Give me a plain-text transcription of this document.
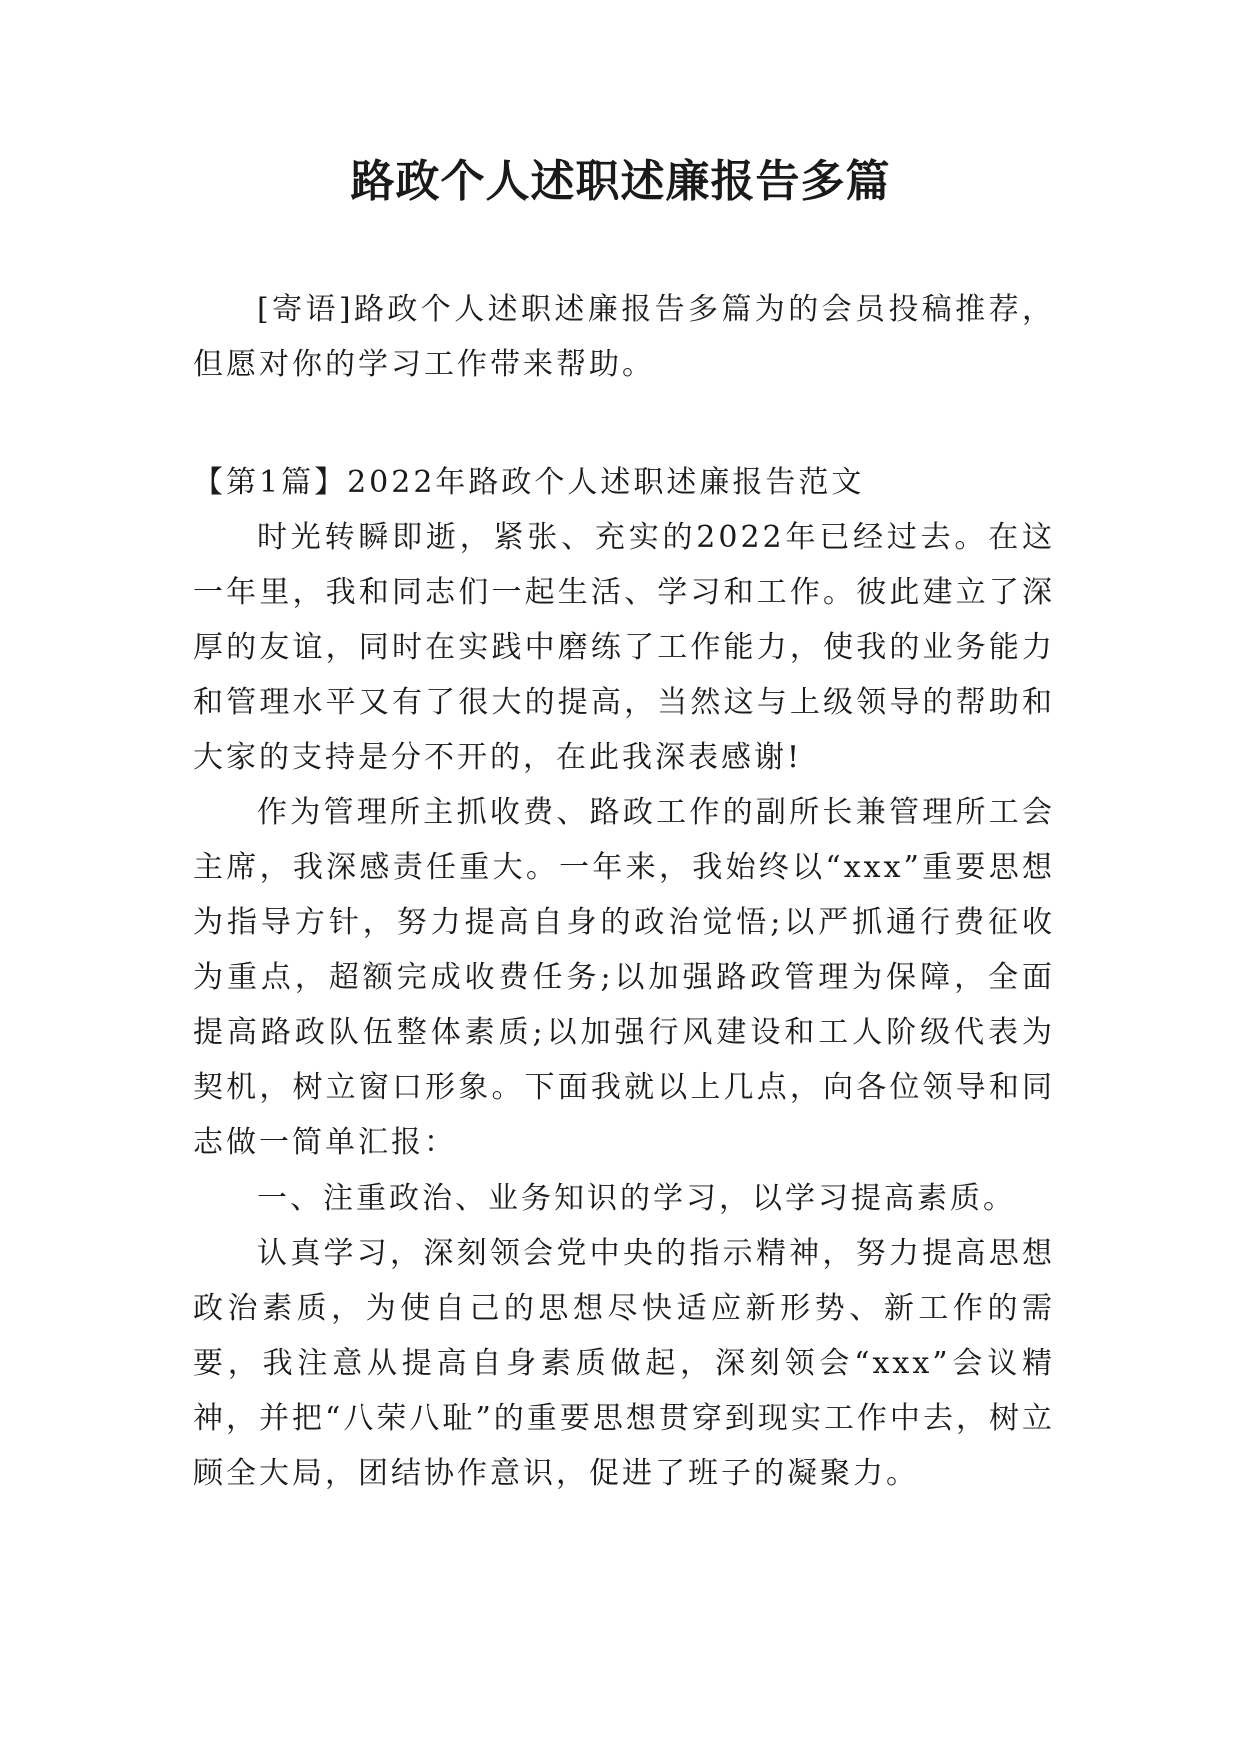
路政个人述职述廉报告多篇

[寄语]路政个人述职述廉报告多篇为的会员投稿推荐，但愿对你的学习工作带来帮助。

【第1篇】2022年路政个人述职述廉报告范文

时光转瞬即逝，紧张、充实的2022年已经过去。在这一年里，我和同志们一起生活、学习和工作。彼此建立了深厚的友谊，同时在实践中磨练了工作能力，使我的业务能力和管理水平又有了很大的提高，当然这与上级领导的帮助和大家的支持是分不开的，在此我深表感谢!

作为管理所主抓收费、路政工作的副所长兼管理所工会主席，我深感责任重大。一年来，我始终以“xxx”重要思想为指导方针，努力提高自身的政治觉悟;以严抓通行费征收为重点，超额完成收费任务;以加强路政管理为保障，全面提高路政队伍整体素质;以加强行风建设和工人阶级代表为契机，树立窗口形象。下面我就以上几点，向各位领导和同志做一简单汇报：

一、注重政治、业务知识的学习，以学习提高素质。

认真学习，深刻领会党中央的指示精神，努力提高思想政治素质，为使自己的思想尽快适应新形势、新工作的需要，我注意从提高自身素质做起，深刻领会“xxx”会议精神，并把“八荣八耻”的重要思想贯穿到现实工作中去，树立顾全大局，团结协作意识，促进了班子的凝聚力。
